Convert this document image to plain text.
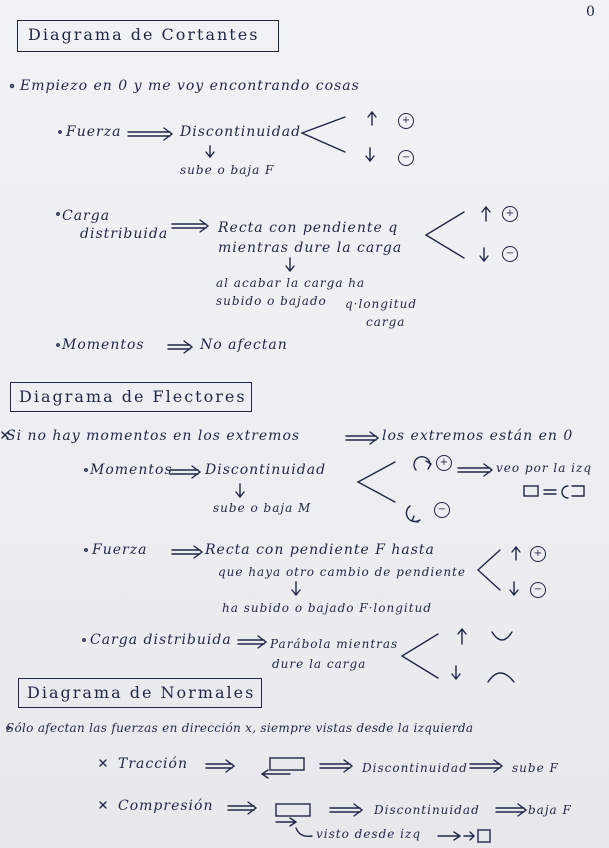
0
Diagrama de Cortantes
Empiezo en 0 y me voy encontrando cosas
Fuerza	Discontinuidad
sube o baja F
+
−
Carga
distribuida	Recta con pendiente q
mientras dure la carga
al acabar la carga ha
subido o bajado q·longitud
carga
+
−
Momentos	No afectan
Diagrama de Flectores
Si no hay momentos en los extremos	los extremos están en 0
Momentos Discontinuidad
sube o baja M
+
−
veo por la izq
Fuerza	Recta con pendiente F hasta
que haya otro cambio de pendiente
ha subido o bajado F·longitud
+
−
Carga distribuida	Parábola mientras
dure la carga
Diagrama de Normales
Sólo afectan las fuerzas en dirección x, siempre vistas desde la izquierda
Tracción	Discontinuidad	sube F
Compresión	Discontinuidad	baja F
visto desde izq
